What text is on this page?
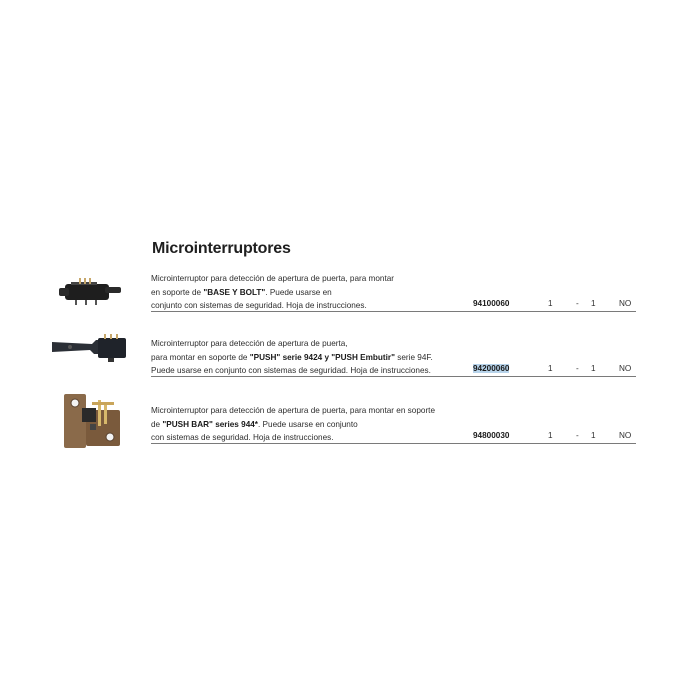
Microinterruptores
Microinterruptor para detección de apertura de puerta, para montar
en soporte de "BASE Y BOLT". Puede usarse en
conjunto con sistemas de seguridad. Hoja de instrucciones.	94100060	1	- 1	NO
Microinterruptor para detección de apertura de puerta,
para montar en soporte de "PUSH" serie 9424 y "PUSH Embutir" serie 94F.
Puede usarse en conjunto con sistemas de seguridad. Hoja de instrucciones.	94200060	1	- 1	NO
Microinterruptor para detección de apertura de puerta, para montar en soporte
de "PUSH BAR" series 944*. Puede usarse en conjunto
con sistemas de seguridad. Hoja de instrucciones.	94800030	1	- 1	NO
